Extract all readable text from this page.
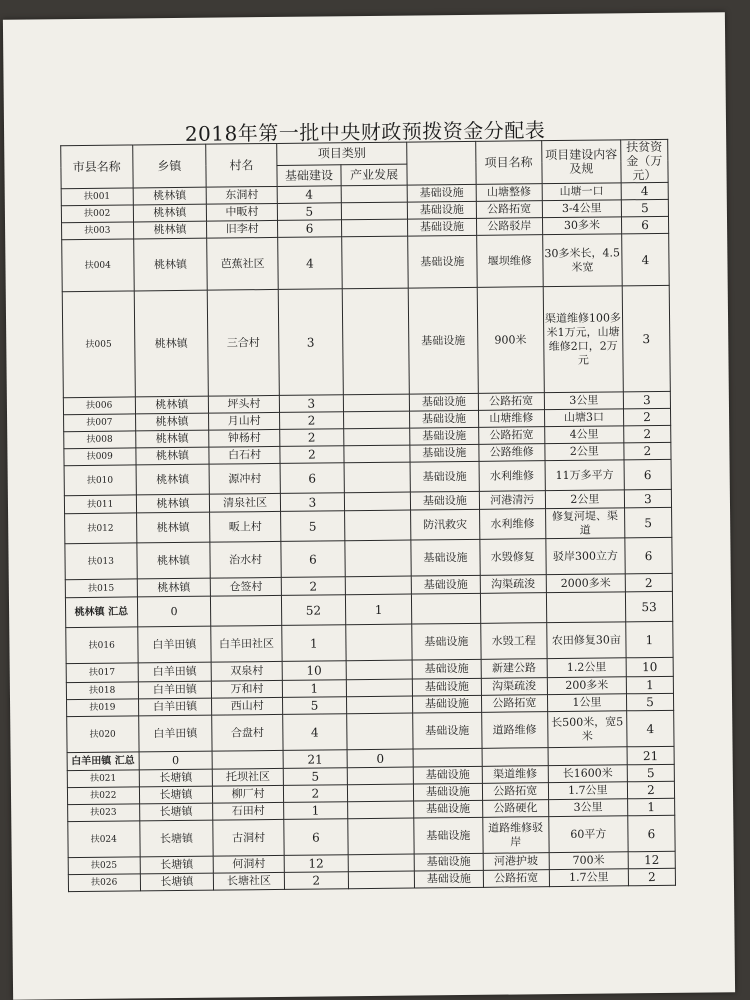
2018年第一批中央财政预拨资金分配表
市县名称	乡镇	村名	项目类别			项目名称	项目建设内容及规	扶贫资金（万元）
			基础建设	产业发展				
扶001	桃林镇	东洞村	4		基础设施	山塘整修	山塘一口	4
扶002	桃林镇	中畈村	5		基础设施	公路拓宽	3-4公里	5
扶003	桃林镇	旧李村	6		基础设施	公路驳岸	30多米	6
扶004	桃林镇	芭蕉社区	4		基础设施	堰坝维修	30多米长，4.5米宽	4
扶005	桃林镇	三合村	3		基础设施	900米	渠道维修100多米1万元，山塘维修2口，2万元	3
扶006	桃林镇	坪头村	3		基础设施	公路拓宽	3公里	3
扶007	桃林镇	月山村	2		基础设施	山塘维修	山塘3口	2
扶008	桃林镇	钟杨村	2		基础设施	公路拓宽	4公里	2
扶009	桃林镇	白石村	2		基础设施	公路维修	2公里	2
扶010	桃林镇	源冲村	6		基础设施	水利维修	11万多平方	6
扶011	桃林镇	清泉社区	3		基础设施	河港清污	2公里	3
扶012	桃林镇	畈上村	5		防汛救灾	水利维修	修复河堤、渠道	5
扶013	桃林镇	治水村	6		基础设施	水毁修复	驳岸300立方	6
扶015	桃林镇	仓签村	2		基础设施	沟渠疏浚	2000多米	2
桃林镇 汇总	0		52	1				53
扶016	白羊田镇	白羊田社区	1		基础设施	水毁工程	农田修复30亩	1
扶017	白羊田镇	双泉村	10		基础设施	新建公路	1.2公里	10
扶018	白羊田镇	万和村	1		基础设施	沟渠疏浚	200多米	1
扶019	白羊田镇	西山村	5		基础设施	公路拓宽	1公里	5
扶020	白羊田镇	合盘村	4		基础设施	道路维修	长500米，宽5米	4
白羊田镇 汇总	0		21	0				21
扶021	长塘镇	托坝社区	5		基础设施	渠道维修	长1600米	5
扶022	长塘镇	柳厂村	2		基础设施	公路拓宽	1.7公里	2
扶023	长塘镇	石田村	1		基础设施	公路硬化	3公里	1
扶024	长塘镇	古洞村	6		基础设施	道路维修驳岸	60平方	6
扶025	长塘镇	何洞村	12		基础设施	河港护坡	700米	12
扶026	长塘镇	长塘社区	2		基础设施	公路拓宽	1.7公里	2
